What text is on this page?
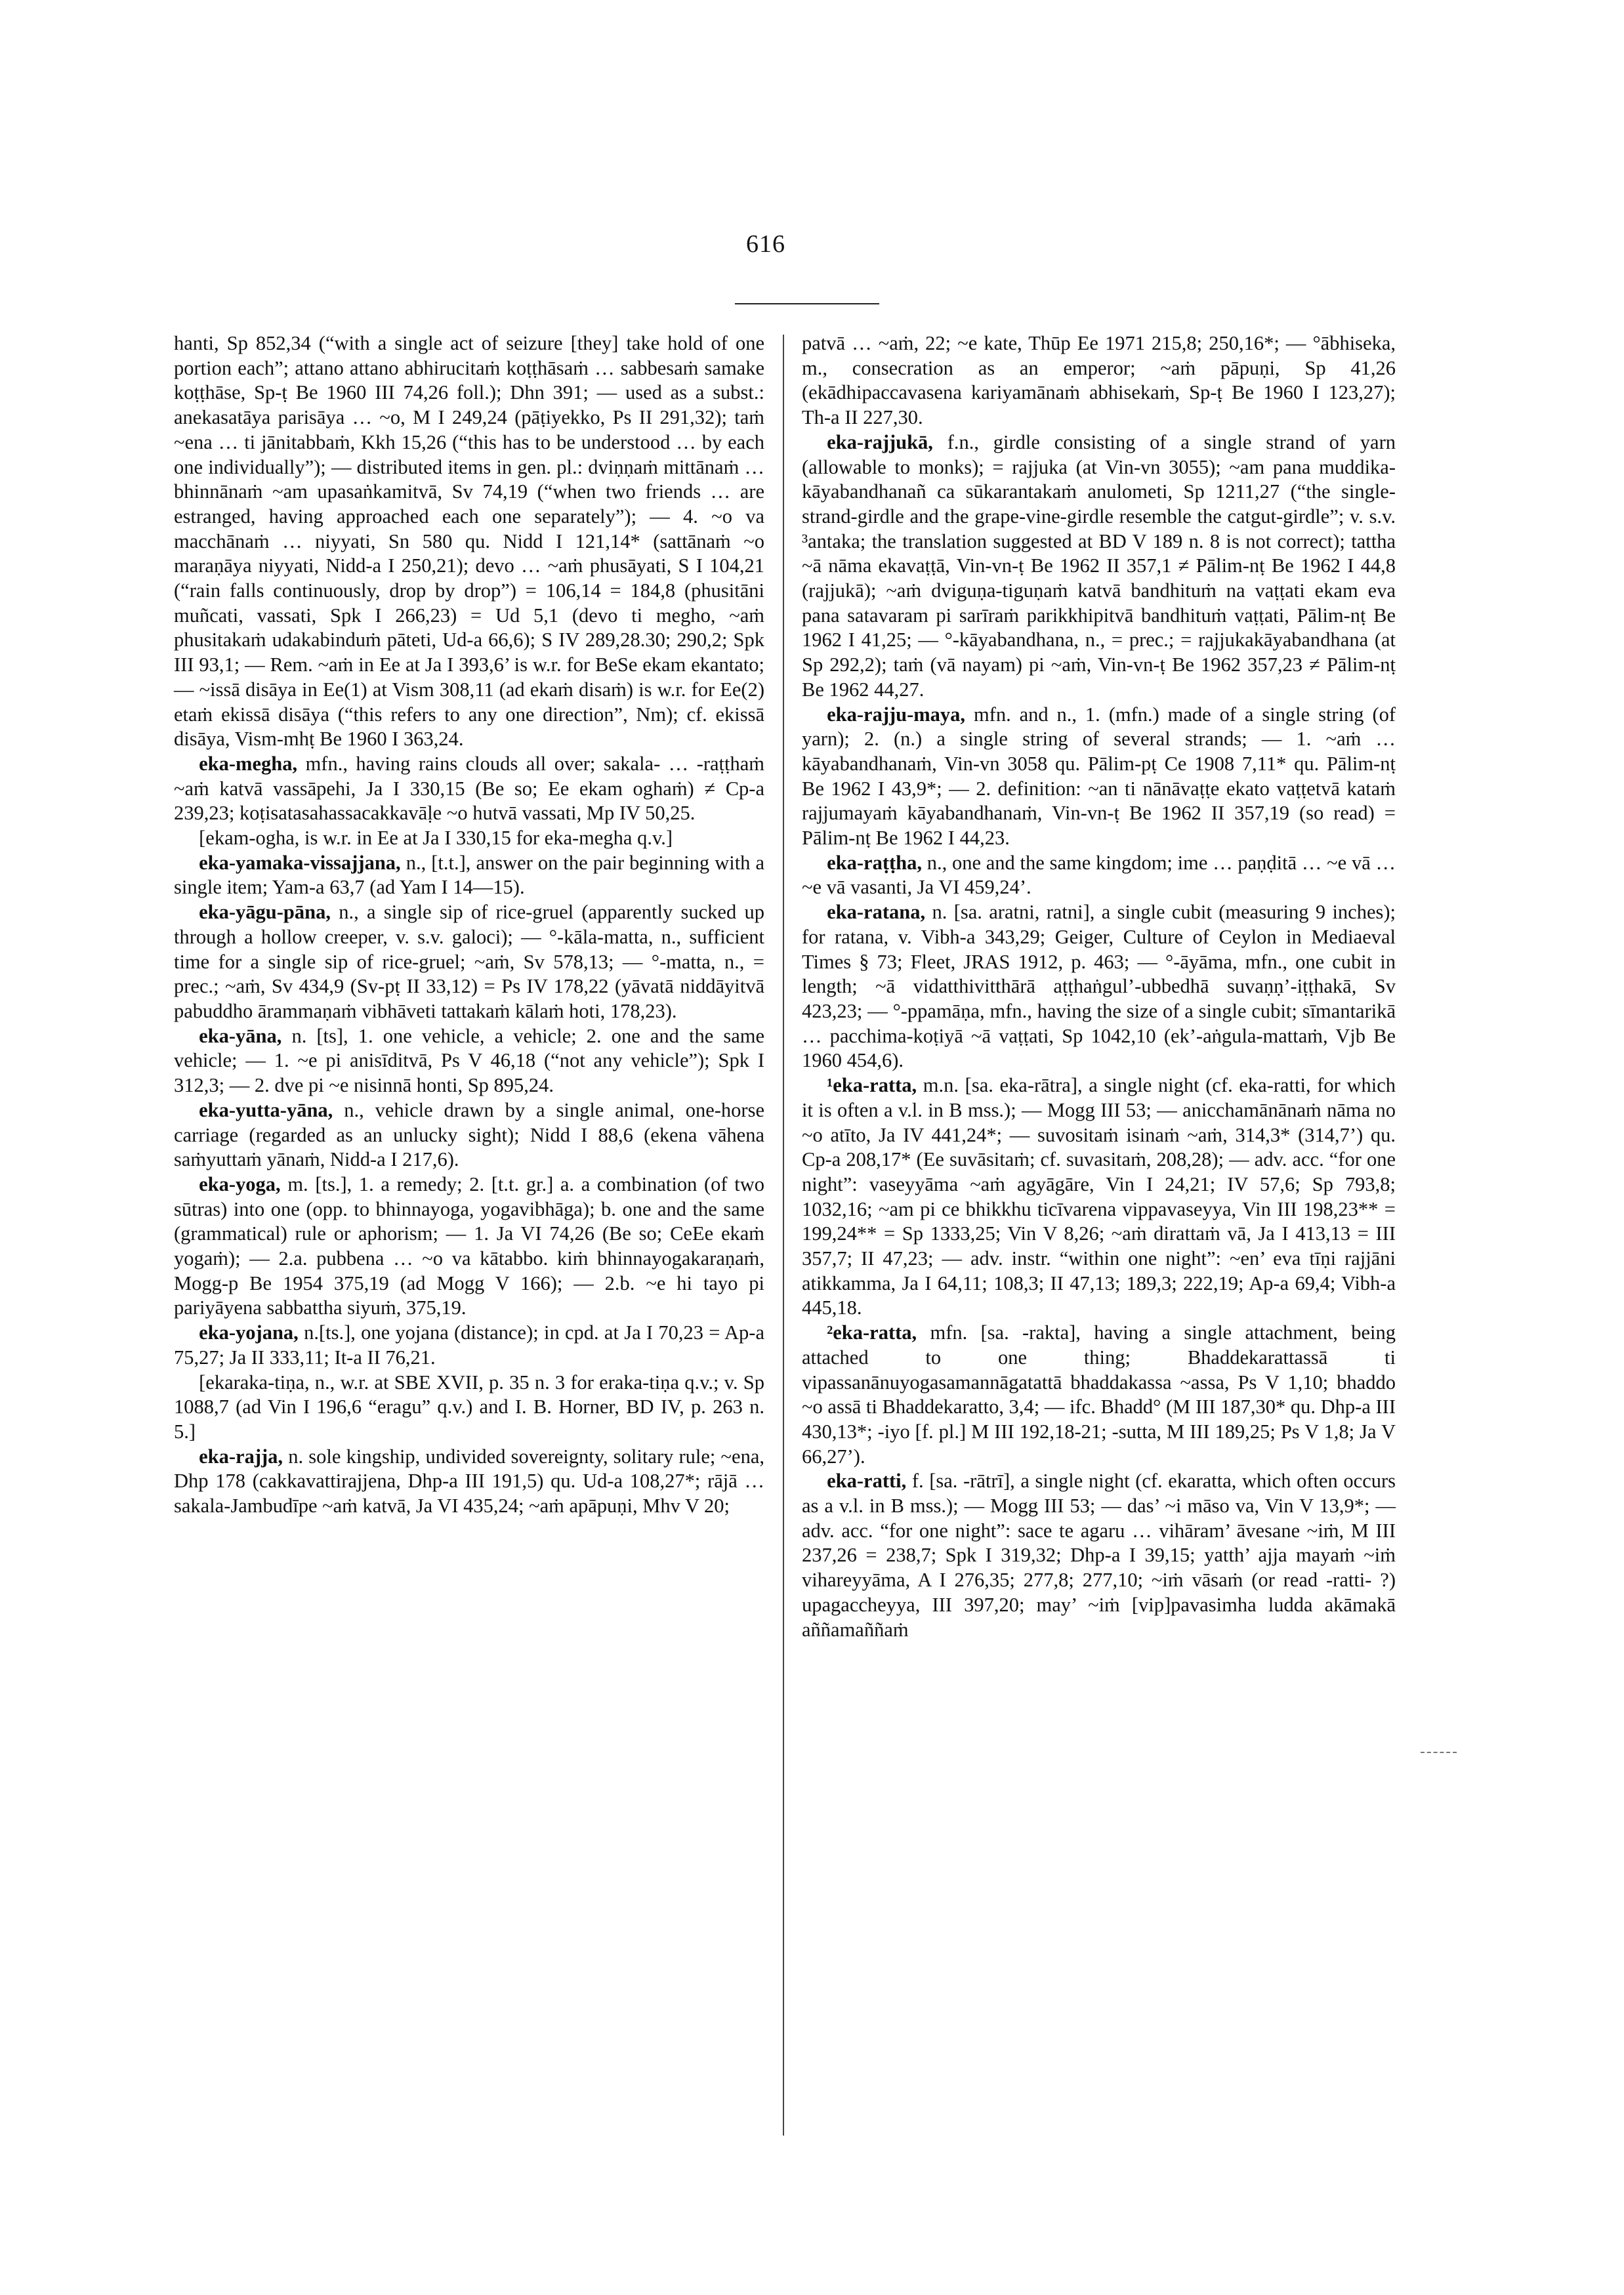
616

hanti, Sp 852,34 (“with a single act of seizure [they] take hold of one portion each”; attano attano abhirucitaṁ koṭṭhāsaṁ … sabbesaṁ samake koṭṭhāse, Sp-ṭ Be 1960 III 74,26 foll.); Dhn 391; — used as a subst.: anekasatāya parisāya … ~o, M I 249,24 (pāṭiyekko, Ps II 291,32); taṁ ~ena … ti jānitabbaṁ, Kkh 15,26 (“this has to be understood … by each one individually”); — distributed items in gen. pl.: dviṇṇaṁ mittānaṁ … bhinnānaṁ ~am upasaṅkamitvā, Sv 74,19 (“when two friends … are estranged, having approached each one separately”); — 4. ~o va macchānaṁ … niyyati, Sn 580 qu. Nidd I 121,14* (sattānaṁ ~o maraṇāya niyyati, Nidd-a I 250,21); devo … ~aṁ phusāyati, S I 104,21 (“rain falls continuously, drop by drop”) = 106,14 = 184,8 (phusitāni muñcati, vassati, Spk I 266,23) = Ud 5,1 (devo ti megho, ~aṁ phusitakaṁ udakabinduṁ pāteti, Ud-a 66,6); S IV 289,28.30; 290,2; Spk III 93,1; — Rem. ~aṁ in Ee at Ja I 393,6’ is w.r. for BeSe ekam ekantato; — ~issā disāya in Ee(1) at Vism 308,11 (ad ekaṁ disaṁ) is w.r. for Ee(2) etaṁ ekissā disāya (“this refers to any one direction”, Nm); cf. ekissā disāya, Vism-mhṭ Be 1960 I 363,24.

eka-megha, mfn., having rains clouds all over; sakala- … -raṭṭhaṁ ~aṁ katvā vassāpehi, Ja I 330,15 (Be so; Ee ekam oghaṁ) ≠ Cp-a 239,23; koṭisatasahassacakkavāḷe ~o hutvā vassati, Mp IV 50,25.

[ekam-ogha, is w.r. in Ee at Ja I 330,15 for eka-megha q.v.]

eka-yamaka-vissajjana, n., [t.t.], answer on the pair beginning with a single item; Yam-a 63,7 (ad Yam I 14—15).

eka-yāgu-pāna, n., a single sip of rice-gruel (apparently sucked up through a hollow creeper, v. s.v. galoci); — °-kāla-matta, n., sufficient time for a single sip of rice-gruel; ~aṁ, Sv 578,13; — °-matta, n., = prec.; ~aṁ, Sv 434,9 (Sv-pṭ II 33,12) = Ps IV 178,22 (yāvatā niddāyitvā pabuddho ārammaṇaṁ vibhāveti tattakaṁ kālaṁ hoti, 178,23).

eka-yāna, n. [ts], 1. one vehicle, a vehicle; 2. one and the same vehicle; — 1. ~e pi anisīditvā, Ps V 46,18 (“not any vehicle”); Spk I 312,3; — 2. dve pi ~e nisinnā honti, Sp 895,24.

eka-yutta-yāna, n., vehicle drawn by a single animal, one-horse carriage (regarded as an unlucky sight); Nidd I 88,6 (ekena vāhena saṁyuttaṁ yānaṁ, Nidd-a I 217,6).

eka-yoga, m. [ts.], 1. a remedy; 2. [t.t. gr.] a. a combination (of two sūtras) into one (opp. to bhinnayoga, yogavibhāga); b. one and the same (grammatical) rule or aphorism; — 1. Ja VI 74,26 (Be so; CeEe ekaṁ yogaṁ); — 2.a. pubbena … ~o va kātabbo. kiṁ bhinnayogakaraṇaṁ, Mogg-p Be 1954 375,19 (ad Mogg V 166); — 2.b. ~e hi tayo pi pariyāyena sabbattha siyuṁ, 375,19.

eka-yojana, n.[ts.], one yojana (distance); in cpd. at Ja I 70,23 = Ap-a 75,27; Ja II 333,11; It-a II 76,21.

[ekaraka-tiṇa, n., w.r. at SBE XVII, p. 35 n. 3 for eraka-tiṇa q.v.; v. Sp 1088,7 (ad Vin I 196,6 “eragu” q.v.) and I. B. Horner, BD IV, p. 263 n. 5.]

eka-rajja, n. sole kingship, undivided sovereignty, solitary rule; ~ena, Dhp 178 (cakkavattirajjena, Dhp-a III 191,5) qu. Ud-a 108,27*; rājā … sakala-Jambudīpe ~aṁ katvā, Ja VI 435,24; ~aṁ apāpuṇi, Mhv V 20;

patvā … ~aṁ, 22; ~e kate, Thūp Ee 1971 215,8; 250,16*; — °ābhiseka, m., consecration as an emperor; ~aṁ pāpuṇi, Sp 41,26 (ekādhipaccavasena kariyamānaṁ abhisekaṁ, Sp-ṭ Be 1960 I 123,27); Th-a II 227,30.

eka-rajjukā, f.n., girdle consisting of a single strand of yarn (allowable to monks); = rajjuka (at Vin-vn 3055); ~am pana muddika-kāyabandhanañ ca sūkarantakaṁ anulometi, Sp 1211,27 (“the single-strand-girdle and the grape-vine-girdle resemble the catgut-girdle”; v. s.v. ³antaka; the translation suggested at BD V 189 n. 8 is not correct); tattha ~ā nāma ekavaṭṭā, Vin-vn-ṭ Be 1962 II 357,1 ≠ Pālim-nṭ Be 1962 I 44,8 (rajjukā); ~aṁ dviguṇa-tiguṇaṁ katvā bandhituṁ na vaṭṭati ekam eva pana satavaram pi sarīraṁ parikkhipitvā bandhituṁ vaṭṭati, Pālim-nṭ Be 1962 I 41,25; — °-kāyabandhana, n., = prec.; = rajjukakāyabandhana (at Sp 292,2); taṁ (vā nayam) pi ~aṁ, Vin-vn-ṭ Be 1962 357,23 ≠ Pālim-nṭ Be 1962 44,27.

eka-rajju-maya, mfn. and n., 1. (mfn.) made of a single string (of yarn); 2. (n.) a single string of several strands; — 1. ~aṁ … kāyabandhanaṁ, Vin-vn 3058 qu. Pālim-pṭ Ce 1908 7,11* qu. Pālim-nṭ Be 1962 I 43,9*; — 2. definition: ~an ti nānāvaṭṭe ekato vaṭṭetvā kataṁ rajjumayaṁ kāyabandhanaṁ, Vin-vn-ṭ Be 1962 II 357,19 (so read) = Pālim-nṭ Be 1962 I 44,23.

eka-raṭṭha, n., one and the same kingdom; ime … paṇḍitā … ~e vā … ~e vā vasanti, Ja VI 459,24’.

eka-ratana, n. [sa. aratni, ratni], a single cubit (measuring 9 inches); for ratana, v. Vibh-a 343,29; Geiger, Culture of Ceylon in Mediaeval Times § 73; Fleet, JRAS 1912, p. 463; — °-āyāma, mfn., one cubit in length; ~ā vidatthivitthārā aṭṭhaṅgul’-ubbedhā suvaṇṇ’-iṭṭhakā, Sv 423,23; — °-ppamāṇa, mfn., having the size of a single cubit; sīmantarikā … pacchima-koṭiyā ~ā vaṭṭati, Sp 1042,10 (ek’-aṅgula-mattaṁ, Vjb Be 1960 454,6).

¹eka-ratta, m.n. [sa. eka-rātra], a single night (cf. eka-ratti, for which it is often a v.l. in B mss.); — Mogg III 53; — anicchamānānaṁ nāma no ~o atīto, Ja IV 441,24*; — suvositaṁ isinaṁ ~aṁ, 314,3* (314,7’) qu. Cp-a 208,17* (Ee suvāsitaṁ; cf. suvasitaṁ, 208,28); — adv. acc. “for one night”: vaseyyāma ~aṁ agyāgāre, Vin I 24,21; IV 57,6; Sp 793,8; 1032,16; ~am pi ce bhikkhu ticīvarena vippavaseyya, Vin III 198,23** = 199,24** = Sp 1333,25; Vin V 8,26; ~aṁ dirattaṁ vā, Ja I 413,13 = III 357,7; II 47,23; — adv. instr. “within one night”: ~en’ eva tīṇi rajjāni atikkamma, Ja I 64,11; 108,3; II 47,13; 189,3; 222,19; Ap-a 69,4; Vibh-a 445,18.

²eka-ratta, mfn. [sa. -rakta], having a single attachment, being attached to one thing; Bhaddekarattassā ti vipassanānuyogasamannāgatattā bhaddakassa ~assa, Ps V 1,10; bhaddo ~o assā ti Bhaddekaratto, 3,4; — ifc. Bhadd° (M III 187,30* qu. Dhp-a III 430,13*; -iyo [f. pl.] M III 192,18-21; -sutta, M III 189,25; Ps V 1,8; Ja V 66,27’).

eka-ratti, f. [sa. -rātrī], a single night (cf. ekaratta, which often occurs as a v.l. in B mss.); — Mogg III 53; — das’ ~i māso va, Vin V 13,9*; — adv. acc. “for one night”: sace te agaru … vihāram’ āvesane ~iṁ, M III 237,26 = 238,7; Spk I 319,32; Dhp-a I 39,15; yatth’ ajja mayaṁ ~iṁ vihareyyāma, A I 276,35; 277,8; 277,10; ~iṁ vāsaṁ (or read -ratti- ?) upagaccheyya, III 397,20; may’ ~iṁ [vip]pavasimha ludda akāmakā aññamaññaṁ
